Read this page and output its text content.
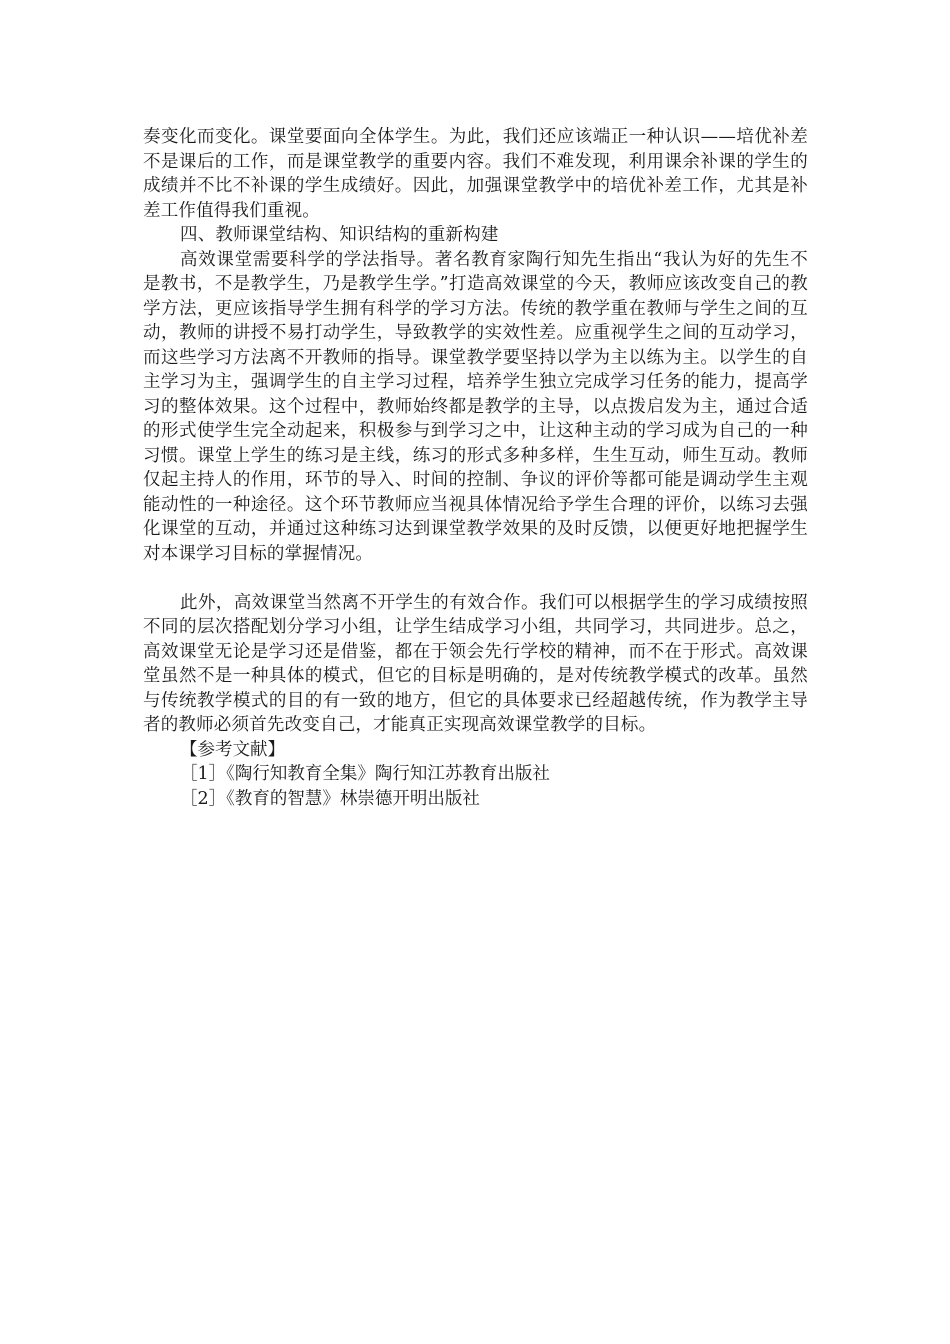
奏变化而变化。课堂要面向全体学生。为此，我们还应该端正一种认识——培优补差不是课后的工作，而是课堂教学的重要内容。我们不难发现，利用课余补课的学生的成绩并不比不补课的学生成绩好。因此，加强课堂教学中的培优补差工作，尤其是补差工作值得我们重视。

四、教师课堂结构、知识结构的重新构建

高效课堂需要科学的学法指导。著名教育家陶行知先生指出“我认为好的先生不是教书，不是教学生，乃是教学生学。”打造高效课堂的今天，教师应该改变自己的教学方法，更应该指导学生拥有科学的学习方法。传统的教学重在教师与学生之间的互动，教师的讲授不易打动学生，导致教学的实效性差。应重视学生之间的互动学习，而这些学习方法离不开教师的指导。课堂教学要坚持以学为主以练为主。以学生的自主学习为主，强调学生的自主学习过程，培养学生独立完成学习任务的能力，提高学习的整体效果。这个过程中，教师始终都是教学的主导，以点拨启发为主，通过合适的形式使学生完全动起来，积极参与到学习之中，让这种主动的学习成为自己的一种习惯。课堂上学生的练习是主线，练习的形式多种多样，生生互动，师生互动。教师仅起主持人的作用，环节的导入、时间的控制、争议的评价等都可能是调动学生主观能动性的一种途径。这个环节教师应当视具体情况给予学生合理的评价，以练习去强化课堂的互动，并通过这种练习达到课堂教学效果的及时反馈，以便更好地把握学生对本课学习目标的掌握情况。

此外，高效课堂当然离不开学生的有效合作。我们可以根据学生的学习成绩按照不同的层次搭配划分学习小组，让学生结成学习小组，共同学习，共同进步。总之，高效课堂无论是学习还是借鉴，都在于领会先行学校的精神，而不在于形式。高效课堂虽然不是一种具体的模式，但它的目标是明确的，是对传统教学模式的改革。虽然与传统教学模式的目的有一致的地方，但它的具体要求已经超越传统，作为教学主导者的教师必须首先改变自己，才能真正实现高效课堂教学的目标。

【参考文献】

［1］《陶行知教育全集》陶行知江苏教育出版社

［2］《教育的智慧》林崇德开明出版社
